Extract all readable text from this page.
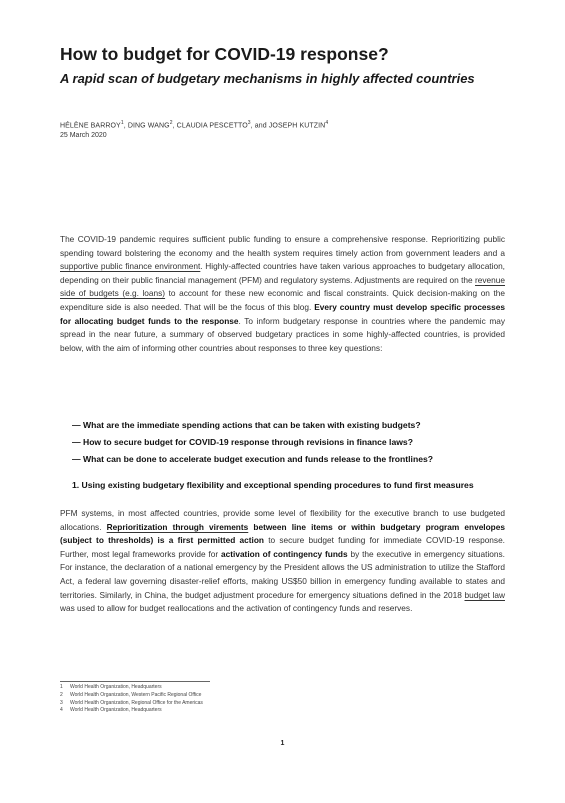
How to budget for COVID-19 response?
A rapid scan of budgetary mechanisms in highly affected countries
HÉLÈNE BARROY$^1$, DING WANG$^2$, CLAUDIA PESCETTO$^3$, and JOSEPH KUTZIN$^4$
25 March 2020

The COVID-19 pandemic requires sufficient public funding to ensure a comprehensive response. Reprioritizing public spending toward bolstering the economy and the health system requires timely action from government leaders and a supportive public finance environment. Highly-affected countries have taken various approaches to budgetary allocation, depending on their public financial management (PFM) and regulatory systems. Adjustments are required on the revenue side of budgets (e.g. loans) to account for these new economic and fiscal constraints. Quick decision-making on the expenditure side is also needed. That will be the focus of this blog. Every country must develop specific processes for allocating budget funds to the response. To inform budgetary response in countries where the pandemic may spread in the near future, a summary of observed budgetary practices in some highly-affected countries, is provided below, with the aim of informing other countries about responses to three key questions:

— What are the immediate spending actions that can be taken with existing budgets?
— How to secure budget for COVID-19 response through revisions in finance laws?
— What can be done to accelerate budget execution and funds release to the frontlines?
1. Using existing budgetary flexibility and exceptional spending procedures to fund first measures

PFM systems, in most affected countries, provide some level of flexibility for the executive branch to use budgeted allocations. Reprioritization through virements between line items or within budgetary program envelopes (subject to thresholds) is a first permitted action to secure budget funding for immediate COVID-19 response. Further, most legal frameworks provide for activation of contingency funds by the executive in emergency situations. For instance, the declaration of a national emergency by the President allows the US administration to utilize the Stafford Act, a federal law governing disaster-relief efforts, making US$50 billion in emergency funding available to states and territories. Similarly, in China, the budget adjustment procedure for emergency situations defined in the 2018 budget law was used to allow for budget reallocations and the activation of contingency funds and reserves.

1 World Health Organization, Headquarters
2 World Health Organization, Western Pacific Regional Office
3 World Health Organization, Regional Office for the Americas
4 World Health Organization, Headquarters
1
